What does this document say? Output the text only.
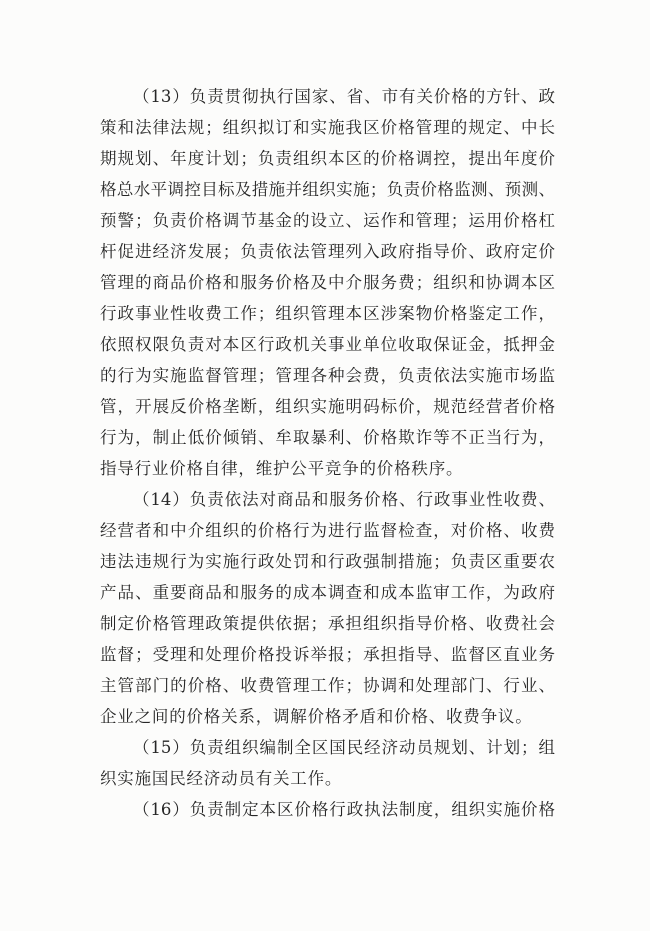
（13）负责贯彻执行国家、省、市有关价格的方针、政
策和法律法规；组织拟订和实施我区价格管理的规定、中长
期规划、年度计划；负责组织本区的价格调控，提出年度价
格总水平调控目标及措施并组织实施；负责价格监测、预测、
预警；负责价格调节基金的设立、运作和管理；运用价格杠
杆促进经济发展；负责依法管理列入政府指导价、政府定价
管理的商品价格和服务价格及中介服务费；组织和协调本区
行政事业性收费工作；组织管理本区涉案物价格鉴定工作，
依照权限负责对本区行政机关事业单位收取保证金，抵押金
的行为实施监督管理；管理各种会费，负责依法实施市场监
管，开展反价格垄断，组织实施明码标价，规范经营者价格
行为，制止低价倾销、牟取暴利、价格欺诈等不正当行为，
指导行业价格自律，维护公平竞争的价格秩序。
（14）负责依法对商品和服务价格、行政事业性收费、
经营者和中介组织的价格行为进行监督检查，对价格、收费
违法违规行为实施行政处罚和行政强制措施；负责区重要农
产品、重要商品和服务的成本调查和成本监审工作，为政府
制定价格管理政策提供依据；承担组织指导价格、收费社会
监督；受理和处理价格投诉举报；承担指导、监督区直业务
主管部门的价格、收费管理工作；协调和处理部门、行业、
企业之间的价格关系，调解价格矛盾和价格、收费争议。
（15）负责组织编制全区国民经济动员规划、计划；组
织实施国民经济动员有关工作。
（16）负责制定本区价格行政执法制度，组织实施价格
